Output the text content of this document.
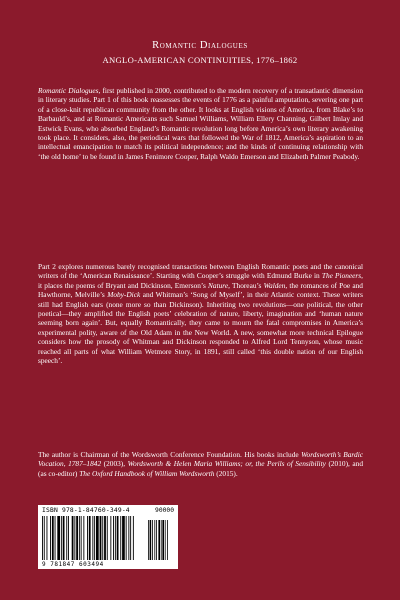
Romantic Dialogues
ANGLO-AMERICAN CONTINUITIES, 1776–1862

Romantic Dialogues, first published in 2000, contributed to the modern recovery of a transatlantic dimension in literary studies. Part 1 of this book reassesses the events of 1776 as a painful amputation, severing one part of a close-knit republican community from the other. It looks at English visions of America, from Blake’s to Barbauld’s, and at Romantic Americans such Samuel Williams, William Ellery Channing, Gilbert Imlay and Estwick Evans, who absorbed England’s Romantic revolution long before America’s own literary awakening took place. It considers, also, the periodical wars that followed the War of 1812, America’s aspiration to an intellectual emancipation to match its political independence; and the kinds of continuing relationship with ‘the old home’ to be found in James Fenimore Cooper, Ralph Waldo Emerson and Elizabeth Palmer Peabody.

Part 2 explores numerous barely recognised transactions between English Romantic poets and the canonical writers of the ‘American Renaissance’. Starting with Cooper’s struggle with Edmund Burke in The Pioneers, it places the poems of Bryant and Dickinson, Emerson’s Nature, Thoreau’s Walden, the romances of Poe and Hawthorne, Melville’s Moby-Dick and Whitman’s ‘Song of Myself’, in their Atlantic context. These writers still had English ears (none more so than Dickinson). Inheriting two revolutions—one political, the other poetical—they amplified the English poets’ celebration of nature, liberty, imagination and ‘human nature seeming born again’. But, equally Romantically, they came to mourn the fatal compromises in America’s experimental polity, aware of the Old Adam in the New World. A new, somewhat more technical Epilogue considers how the prosody of Whitman and Dickinson responded to Alfred Lord Tennyson, whose music reached all parts of what William Wetmore Story, in 1891, still called ‘this double nation of our English speech’.

The author is Chairman of the Wordsworth Conference Foundation. His books include Wordsworth’s Bardic Vocation, 1787–1842 (2003), Wordsworth & Helen Maria Williams; or, the Perils of Sensibility (2010), and (as co-editor) The Oxford Handbook of William Wordsworth (2015).

ISBN 978-1-84760-349-4	90000
9 781847 603494
